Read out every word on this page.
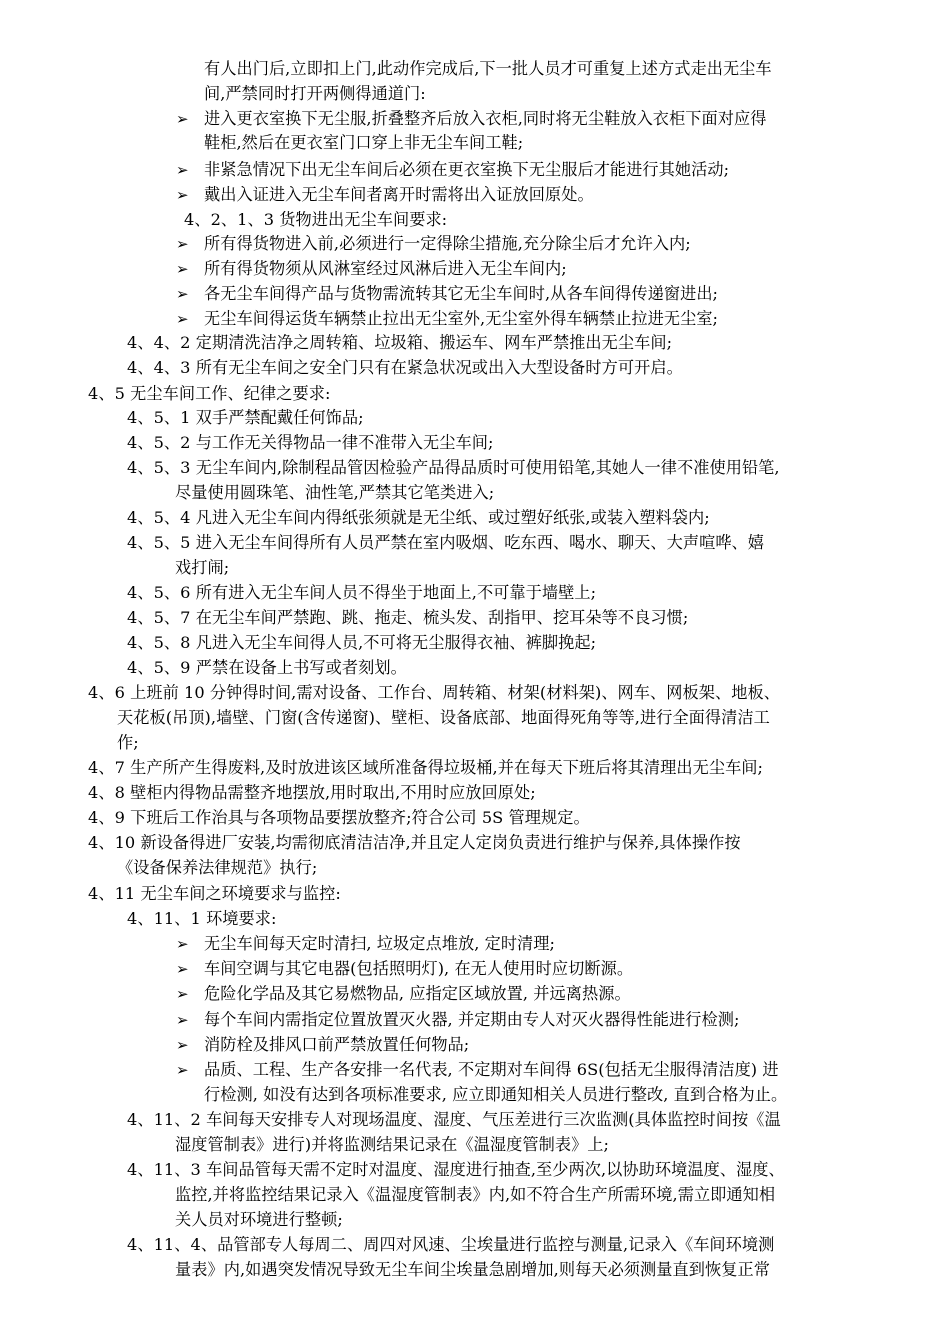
有人出门后,立即扣上门,此动作完成后,下一批人员才可重复上述方式走出无尘车
间,严禁同时打开两侧得通道门:
➢ 进入更衣室换下无尘服,折叠整齐后放入衣柜,同时将无尘鞋放入衣柜下面对应得
鞋柜,然后在更衣室门口穿上非无尘车间工鞋;
➢ 非紧急情况下出无尘车间后必须在更衣室换下无尘服后才能进行其她活动;
➢ 戴出入证进入无尘车间者离开时需将出入证放回原处。
4、2、1、3 货物进出无尘车间要求:
➢ 所有得货物进入前,必须进行一定得除尘措施,充分除尘后才允许入内;
➢ 所有得货物须从风淋室经过风淋后进入无尘车间内;
➢ 各无尘车间得产品与货物需流转其它无尘车间时,从各车间得传递窗进出;
➢ 无尘车间得运货车辆禁止拉出无尘室外,无尘室外得车辆禁止拉进无尘室;
4、4、2 定期清洗洁净之周转箱、垃圾箱、搬运车、网车严禁推出无尘车间;
4、4、3 所有无尘车间之安全门只有在紧急状况或出入大型设备时方可开启。
4、5 无尘车间工作、纪律之要求:
4、5、1 双手严禁配戴任何饰品;
4、5、2 与工作无关得物品一律不准带入无尘车间;
4、5、3 无尘车间内,除制程品管因检验产品得品质时可使用铅笔,其她人一律不准使用铅笔,
尽量使用圆珠笔、油性笔,严禁其它笔类进入;
4、5、4 凡进入无尘车间内得纸张须就是无尘纸、或过塑好纸张,或装入塑料袋内;
4、5、5 进入无尘车间得所有人员严禁在室内吸烟、吃东西、喝水、聊天、大声喧哗、嬉
戏打闹;
4、5、6 所有进入无尘车间人员不得坐于地面上,不可靠于墙壁上;
4、5、7 在无尘车间严禁跑、跳、拖走、梳头发、刮指甲、挖耳朵等不良习惯;
4、5、8 凡进入无尘车间得人员,不可将无尘服得衣袖、裤脚挽起;
4、5、9 严禁在设备上书写或者刻划。
4、6 上班前 10 分钟得时间,需对设备、工作台、周转箱、材架(材料架)、网车、网板架、地板、
天花板(吊顶),墙壁、门窗(含传递窗)、壁柜、设备底部、地面得死角等等,进行全面得清洁工
作;
4、7 生产所产生得废料,及时放进该区域所准备得垃圾桶,并在每天下班后将其清理出无尘车间;
4、8 壁柜内得物品需整齐地摆放,用时取出,不用时应放回原处;
4、9 下班后工作治具与各项物品要摆放整齐;符合公司 5S 管理规定。
4、10 新设备得进厂安装,均需彻底清洁洁净,并且定人定岗负责进行维护与保养,具体操作按
《设备保养法律规范》执行;
4、11 无尘车间之环境要求与监控:
4、11、1 环境要求:
➢ 无尘车间每天定时清扫, 垃圾定点堆放, 定时清理;
➢ 车间空调与其它电器(包括照明灯), 在无人使用时应切断源。
➢ 危险化学品及其它易燃物品, 应指定区域放置, 并远离热源。
➢ 每个车间内需指定位置放置灭火器, 并定期由专人对灭火器得性能进行检测;
➢ 消防栓及排风口前严禁放置任何物品;
➢ 品质、工程、生产各安排一名代表, 不定期对车间得 6S(包括无尘服得清洁度) 进
行检测, 如没有达到各项标准要求, 应立即通知相关人员进行整改, 直到合格为止。
4、11、2 车间每天安排专人对现场温度、湿度、气压差进行三次监测(具体监控时间按《温
湿度管制表》进行)并将监测结果记录在《温湿度管制表》上;
4、11、3 车间品管每天需不定时对温度、湿度进行抽查,至少两次,以协助环境温度、湿度、
监控,并将监控结果记录入《温湿度管制表》内,如不符合生产所需环境,需立即通知相
关人员对环境进行整顿;
4、11、4、品管部专人每周二、周四对风速、尘埃量进行监控与测量,记录入《车间环境测
量表》内,如遇突发情况导致无尘车间尘埃量急剧增加,则每天必须测量直到恢复正常
